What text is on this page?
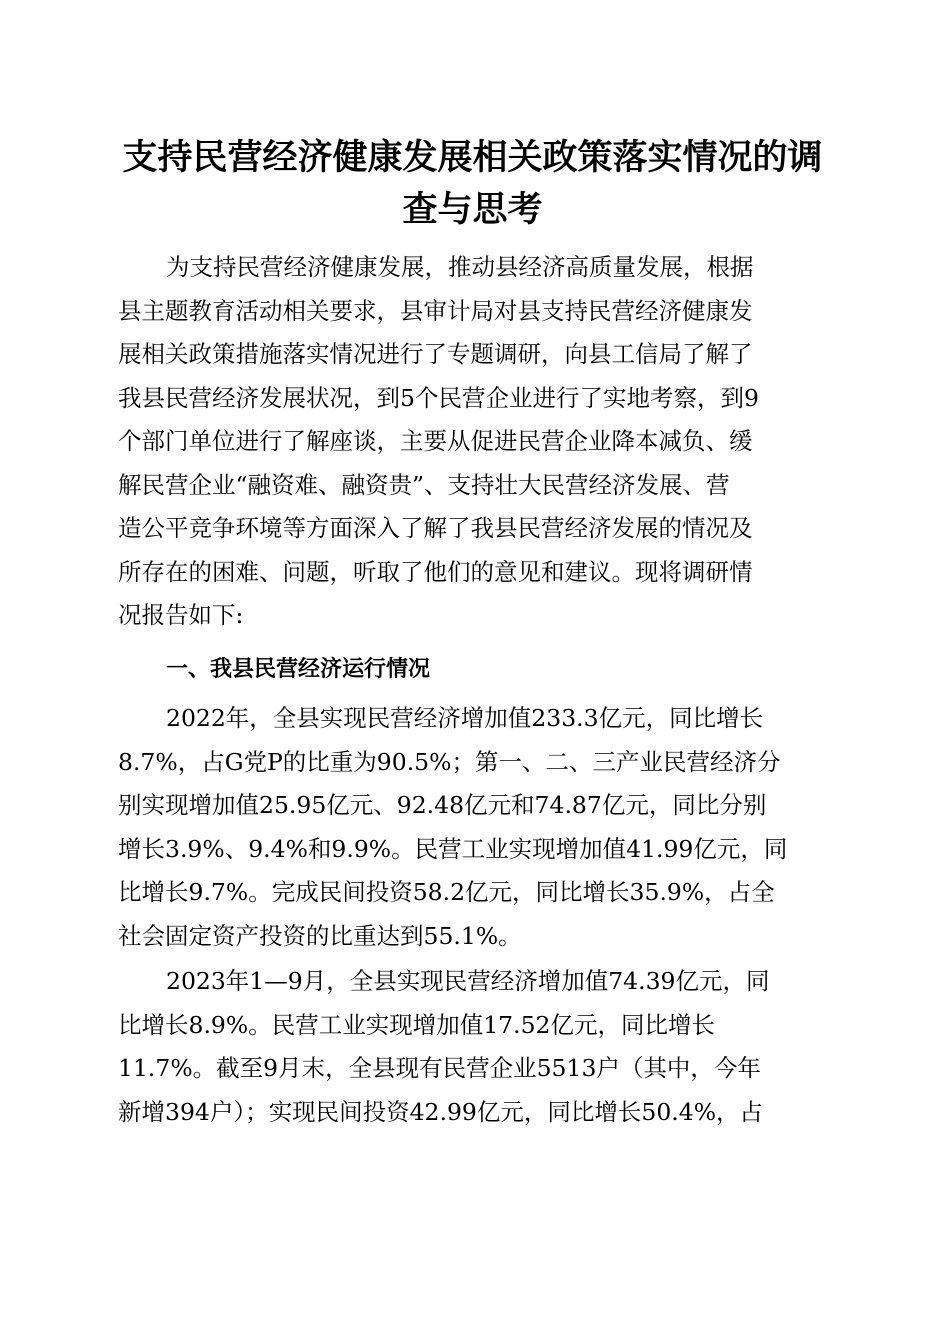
支持民营经济健康发展相关政策落实情况的调
查与思考
为支持民营经济健康发展，推动县经济高质量发展，根据
县主题教育活动相关要求，县审计局对县支持民营经济健康发
展相关政策措施落实情况进行了专题调研，向县工信局了解了
我县民营经济发展状况，到5个民营企业进行了实地考察，到9
个部门单位进行了解座谈，主要从促进民营企业降本减负、缓
解民营企业“融资难、融资贵”、支持壮大民营经济发展、营
造公平竞争环境等方面深入了解了我县民营经济发展的情况及
所存在的困难、问题，听取了他们的意见和建议。现将调研情
况报告如下:
一、我县民营经济运行情况
2022年，全县实现民营经济增加值233.3亿元，同比增长
8.7%，占G党P的比重为90.5%；第一、二、三产业民营经济分
别实现增加值25.95亿元、92.48亿元和74.87亿元，同比分别
增长3.9%、9.4%和9.9%。民营工业实现增加值41.99亿元，同
比增长9.7%。完成民间投资58.2亿元，同比增长35.9%，占全
社会固定资产投资的比重达到55.1%。
2023年1—9月，全县实现民营经济增加值74.39亿元，同
比增长8.9%。民营工业实现增加值17.52亿元，同比增长
11.7%。截至9月末，全县现有民营企业5513户（其中，今年
新增394户）；实现民间投资42.99亿元，同比增长50.4%，占
